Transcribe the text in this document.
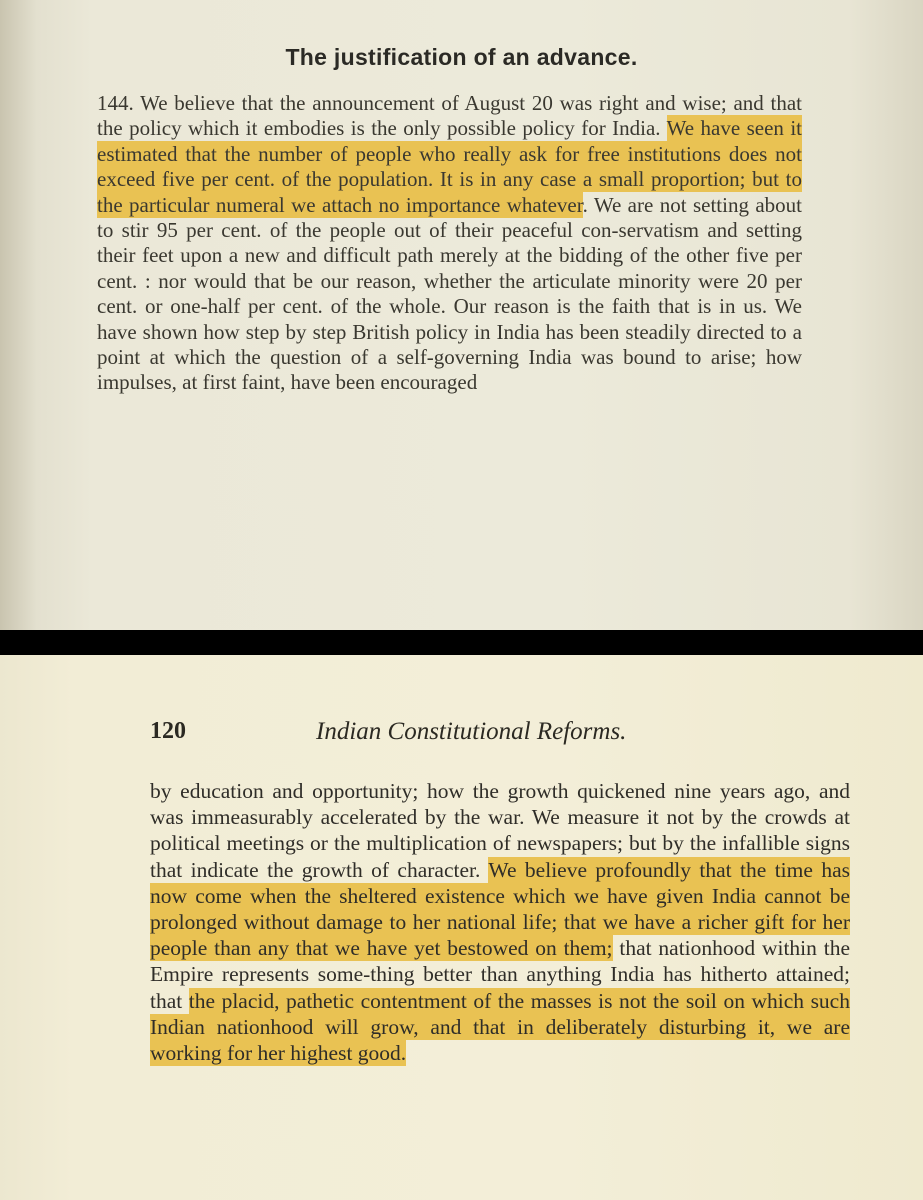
The justification of an advance.

144. We believe that the announcement of August 20 was right and wise; and that the policy which it embodies is the only possible policy for India. We have seen it estimated that the number of people who really ask for free institutions does not exceed five per cent. of the population. It is in any case a small proportion; but to the particular numeral we attach no importance whatever. We are not setting about to stir 95 per cent. of the people out of their peaceful con-servatism and setting their feet upon a new and difficult path merely at the bidding of the other five per cent. : nor would that be our reason, whether the articulate minority were 20 per cent. or one-half per cent. of the whole. Our reason is the faith that is in us. We have shown how step by step British policy in India has been steadily directed to a point at which the question of a self-governing India was bound to arise; how impulses, at first faint, have been encouraged

120	Indian Constitutional Reforms.

by education and opportunity; how the growth quickened nine years ago, and was immeasurably accelerated by the war. We measure it not by the crowds at political meetings or the multiplication of newspapers; but by the infallible signs that indicate the growth of character. We believe profoundly that the time has now come when the sheltered existence which we have given India cannot be prolonged without damage to her national life; that we have a richer gift for her people than any that we have yet bestowed on them; that nationhood within the Empire represents some-thing better than anything India has hitherto attained; that the placid, pathetic contentment of the masses is not the soil on which such Indian nationhood will grow, and that in deliberately disturbing it, we are working for her highest good.
